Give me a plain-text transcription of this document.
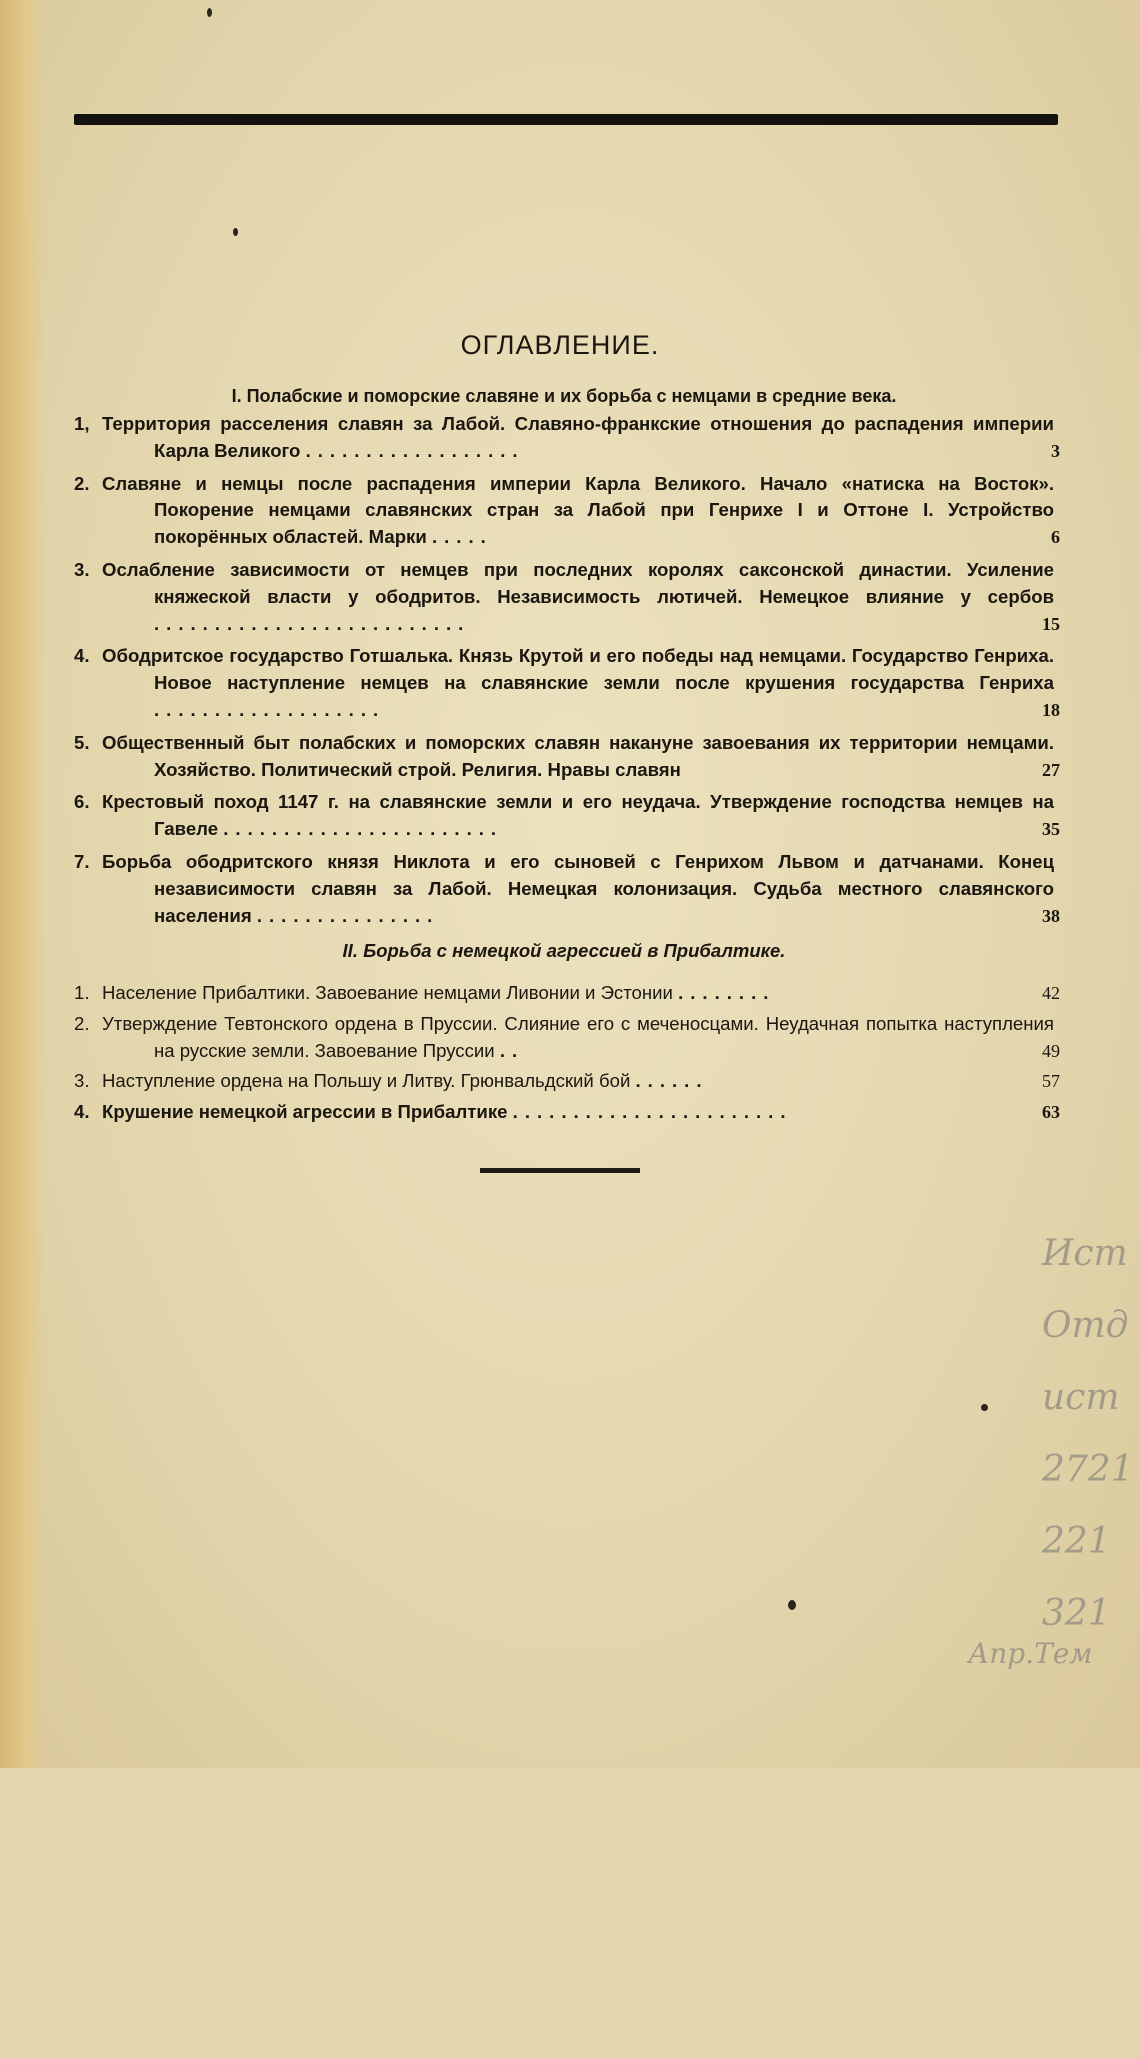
ОГЛАВЛЕНИЕ.
I. Полабские и поморские славяне и их борьба с немцами в средние века.
1, Территория расселения славян за Лабой. Славяно-франкские отношения до распадения империи Карла Великого ..................	3
2. Славяне и немцы после распадения империи Карла Великого. Начало «натиска на Восток». Покорение немцами славянских стран за Лабой при Генрихе I и Оттоне I. Устройство покорённых областей. Марки .....	6
3. Ослабление зависимости от немцев при последних королях саксонской династии. Усиление княжеской власти у ободритов. Независимость лютичей. Немецкое влияние у сербов ..........................	15
4. Ободритское государство Готшалька. Князь Крутой и его победы над немцами. Государство Генриха. Новое наступление немцев на славянские земли после крушения государства Генриха ...................	18
5. Общественный быт полабских и поморских славян накануне завоевания их территории немцами. Хозяйство. Политический строй. Религия. Нравы славян	27
6. Крестовый поход 1147 г. на славянские земли и его неудача. Утверждение господства немцев на Гавеле .......................	35
7. Борьба ободритского князя Никлота и его сыновей с Генрихом Львом и датчанами. Конец независимости славян за Лабой. Немецкая колонизация. Судьба местного славянского населения ...............	38
II. Борьба с немецкой агрессией в Прибалтике.
1. Население Прибалтики. Завоевание немцами Ливонии и Эстонии ........	42
2. Утверждение Тевтонского ордена в Пруссии. Слияние его с меченосцами. Неудачная попытка наступления на русские земли. Завоевание Пруссии ..	49
3. Наступление ордена на Польшу и Литву. Грюнвальдский бой ......	57
4. Крушение немецкой агрессии в Прибалтике .......................	63
Ист
Отд
ист
2721
221
321
Апр.Тем
